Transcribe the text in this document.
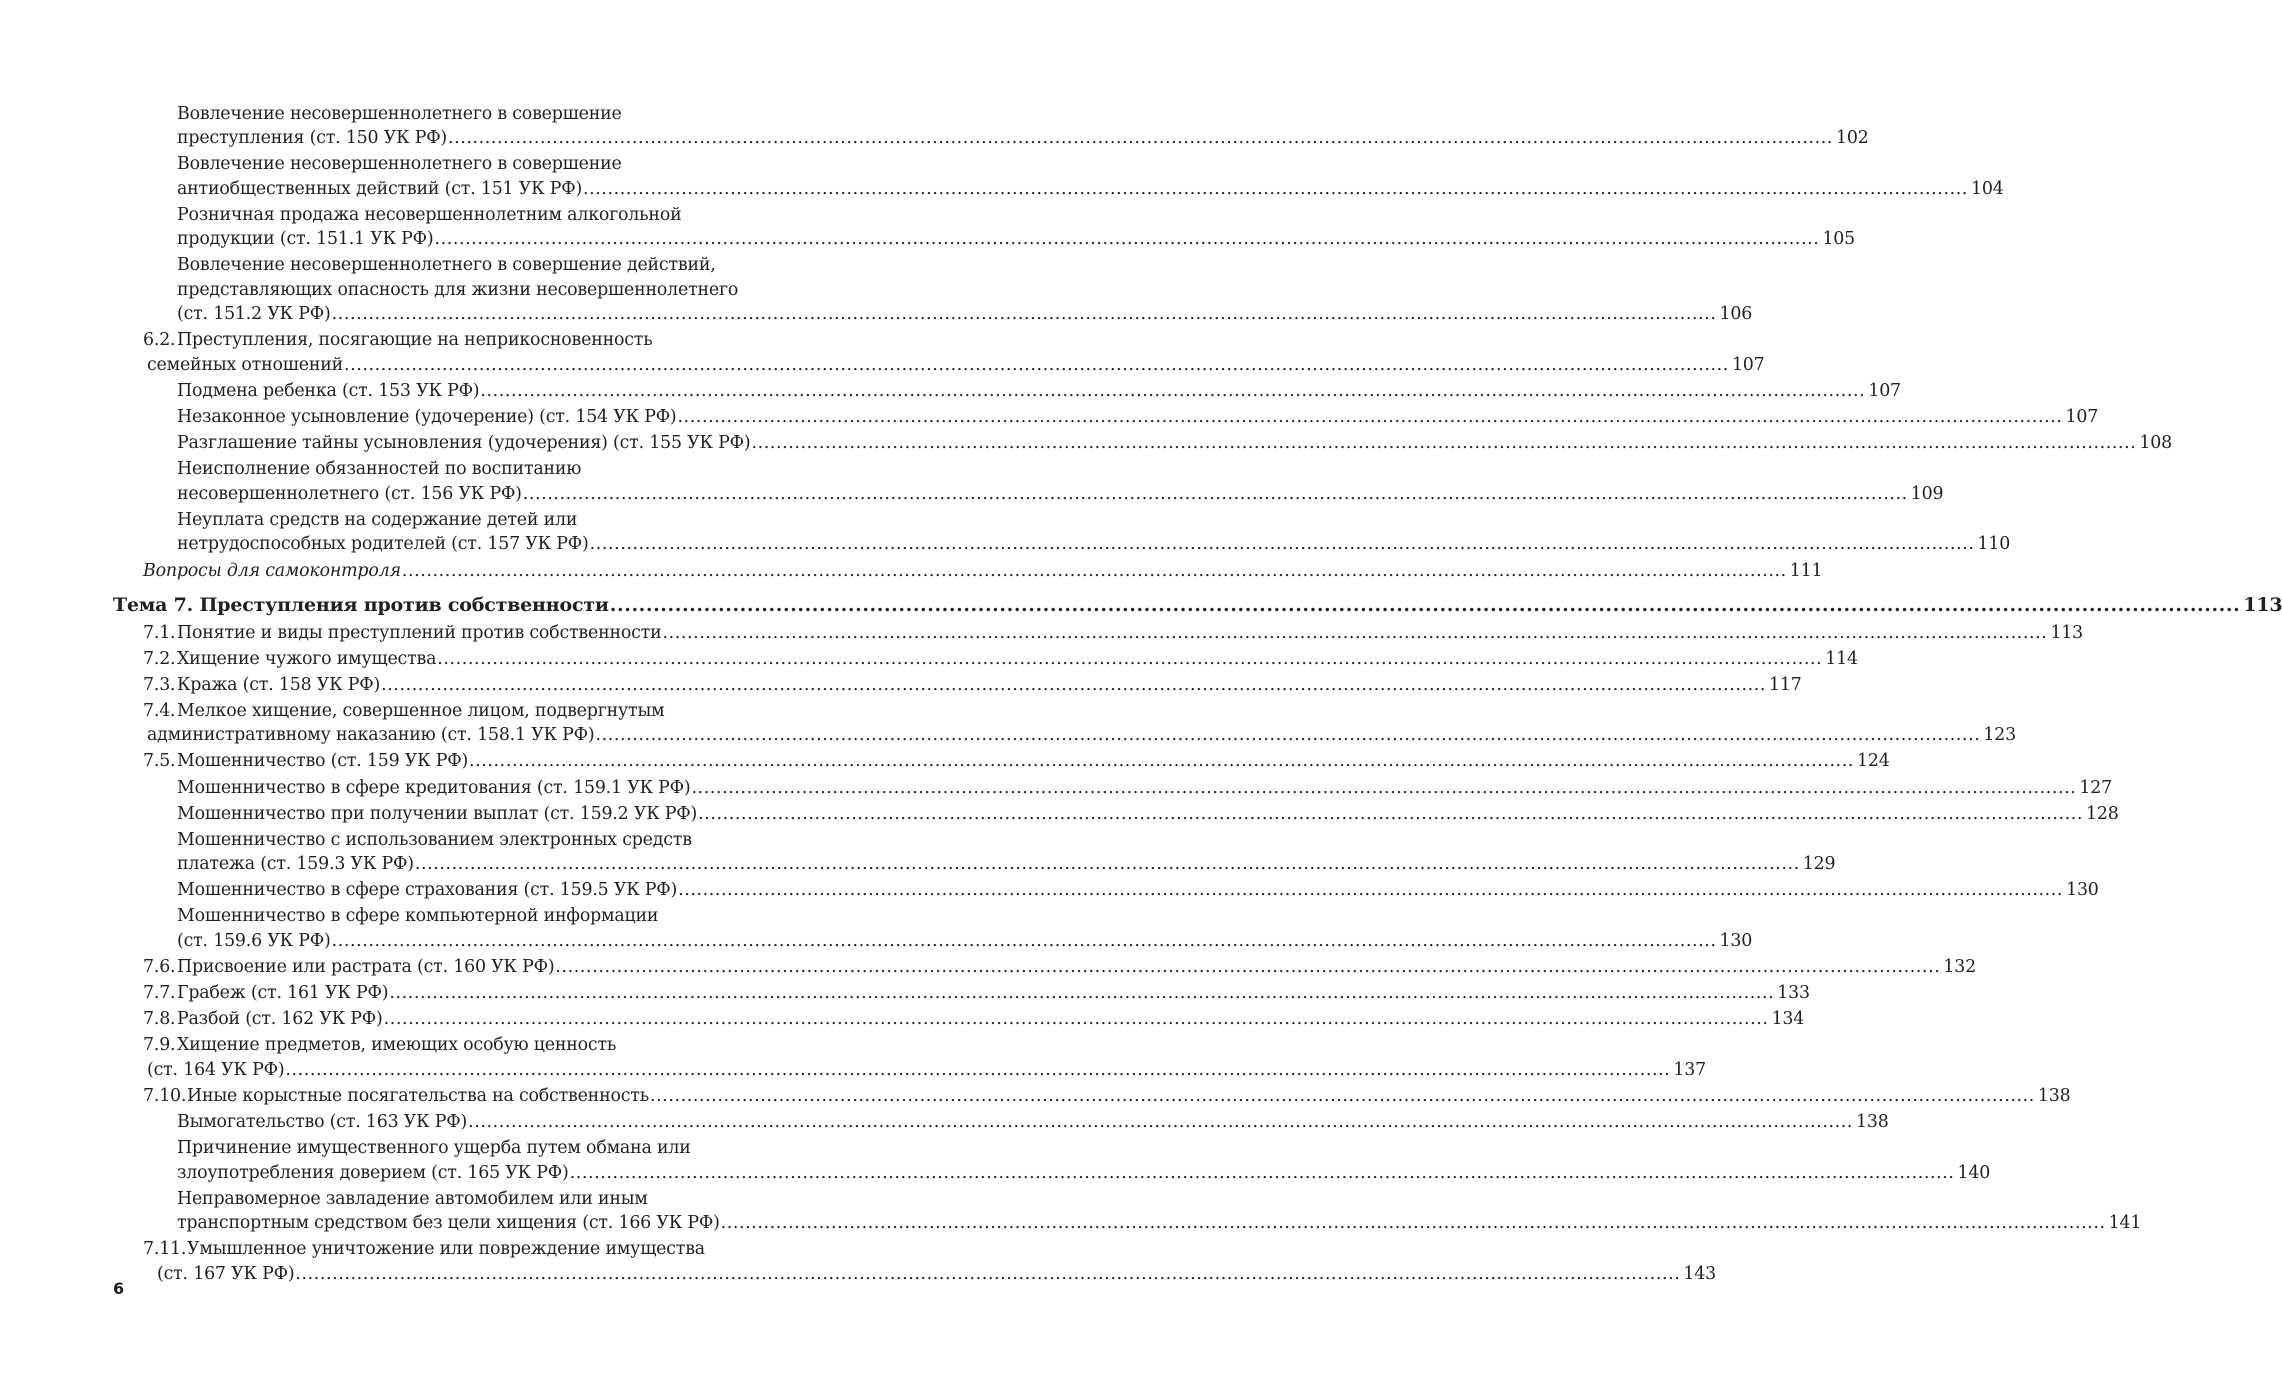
Вовлечение несовершеннолетнего в совершение
преступления (ст. 150 УК РФ) .....	102
Вовлечение несовершеннолетнего в совершение
антиобщественных действий (ст. 151 УК РФ) .....	104
Розничная продажа несовершеннолетним алкогольной
продукции (ст. 151.1 УК РФ) .....	105
Вовлечение несовершеннолетнего в совершение действий,
представляющих опасность для жизни несовершеннолетнего
(ст. 151.2 УК РФ) .....	106
6.2. Преступления, посягающие на неприкосновенность
семейных отношений .....	107
Подмена ребенка (ст. 153 УК РФ) .....	107
Незаконное усыновление (удочерение) (ст. 154 УК РФ) .....	107
Разглашение тайны усыновления (удочерения) (ст. 155 УК РФ) .....	108
Неисполнение обязанностей по воспитанию
несовершеннолетнего (ст. 156 УК РФ) .....	109
Неуплата средств на содержание детей или
нетрудоспособных родителей (ст. 157 УК РФ) .....	110
Вопросы для самоконтроля .....	111
Тема 7. Преступления против собственности .....	113
7.1. Понятие и виды преступлений против собственности .....	113
7.2. Хищение чужого имущества .....	114
7.3. Кража (ст. 158 УК РФ) .....	117
7.4. Мелкое хищение, совершенное лицом, подвергнутым
административному наказанию (ст. 158.1 УК РФ) .....	123
7.5. Мошенничество (ст. 159 УК РФ) .....	124
Мошенничество в сфере кредитования (ст. 159.1 УК РФ) .....	127
Мошенничество при получении выплат (ст. 159.2 УК РФ) .....	128
Мошенничество с использованием электронных средств
платежа (ст. 159.3 УК РФ) .....	129
Мошенничество в сфере страхования (ст. 159.5 УК РФ) .....	130
Мошенничество в сфере компьютерной информации
(ст. 159.6 УК РФ) .....	130
7.6. Присвоение или растрата (ст. 160 УК РФ) .....	132
7.7. Грабеж (ст. 161 УК РФ) .....	133
7.8. Разбой (ст. 162 УК РФ) .....	134
7.9. Хищение предметов, имеющих особую ценность
(ст. 164 УК РФ) .....	137
7.10. Иные корыстные посягательства на собственность .....	138
Вымогательство (ст. 163 УК РФ) .....	138
Причинение имущественного ущерба путем обмана или
злоупотребления доверием (ст. 165 УК РФ) .....	140
Неправомерное завладение автомобилем или иным
транспортным средством без цели хищения (ст. 166 УК РФ) .....	141
7.11. Умышленное уничтожение или повреждение имущества
(ст. 167 УК РФ) .....	143
6
